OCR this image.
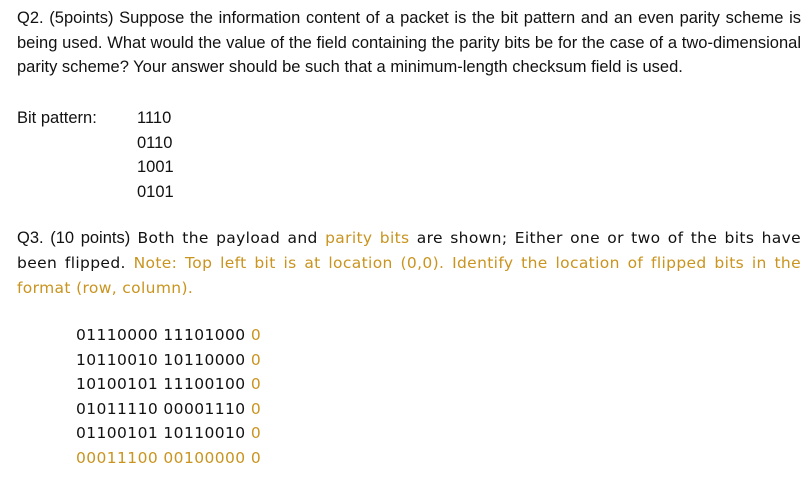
Q2. (5points) Suppose the information content of a packet is the bit pattern and an even parity scheme is being used. What would the value of the field containing the parity bits be for the case of a two-dimensional parity scheme? Your answer should be such that a minimum-length checksum field is used.
Bit pattern: 1110
0110
1001
0101
Q3. (10 points) Both the payload and parity bits are shown; Either one or two of the bits have been flipped. Note: Top left bit is at location (0,0). Identify the location of flipped bits in the format (row, column).
01110000 11101000 0
10110010 10110000 0
10100101 11100100 0
01011110 00001110 0
01100101 10110010 0
00011100 00100000 0
